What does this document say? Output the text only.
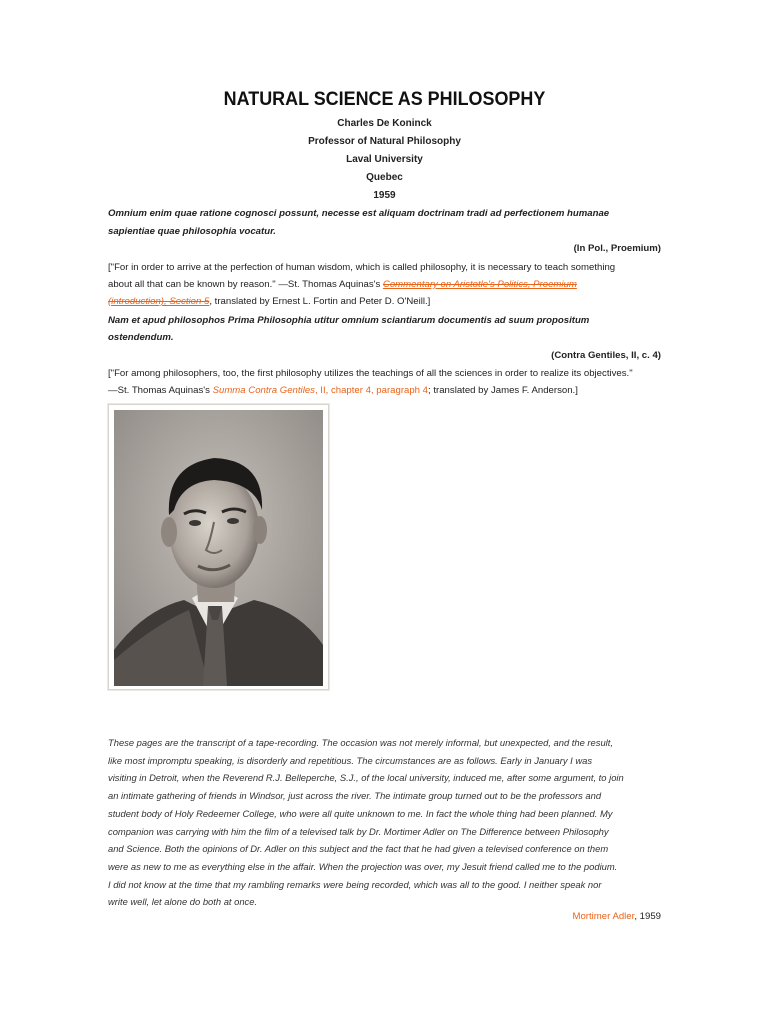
NATURAL SCIENCE AS PHILOSOPHY
Charles De Koninck
Professor of Natural Philosophy
Laval University
Quebec
1959
Omnium enim quae ratione cognosci possunt, necesse est aliquam doctrinam tradi ad perfectionem humanae
sapientiae quae philosophia vocatur.
(In Pol., Proemium)
["For in order to arrive at the perfection of human wisdom, which is called philosophy, it is necessary to teach something
about all that can be known by reason." —St. Thomas Aquinas's Commentary on Aristotle's Politics, Proemium
(introduction), Section 5, translated by Ernest L. Fortin and Peter D. O'Neill.]
Nam et apud philosophos Prima Philosophia utitur omnium sciantiarum documentis ad suum propositum
ostendendum.
(Contra Gentiles, II, c. 4)
["For among philosophers, too, the first philosophy utilizes the teachings of all the sciences in order to realize its objectives."
—St. Thomas Aquinas's Summa Contra Gentiles, II, chapter 4, paragraph 4; translated by James F. Anderson.]
These pages are the transcript of a tape-recording. The occasion was not merely informal, but unexpected, and the result,
like most impromptu speaking, is disorderly and repetitious. The circumstances are as follows. Early in January I was
visiting in Detroit, when the Reverend R.J. Belleperche, S.J., of the local university, induced me, after some argument, to join
an intimate gathering of friends in Windsor, just across the river. The intimate group turned out to be the professors and
student body of Holy Redeemer College, who were all quite unknown to me. In fact the whole thing had been planned. My
companion was carrying with him the film of a televised talk by Dr. Mortimer Adler on The Difference between Philosophy
and Science. Both the opinions of Dr. Adler on this subject and the fact that he had given a televised conference on them
were as new to me as everything else in the affair. When the projection was over, my Jesuit friend called me to the podium.
I did not know at the time that my rambling remarks were being recorded, which was all to the good. I neither speak nor
write well, let alone do both at once.
Mortimer Adler, 1959
